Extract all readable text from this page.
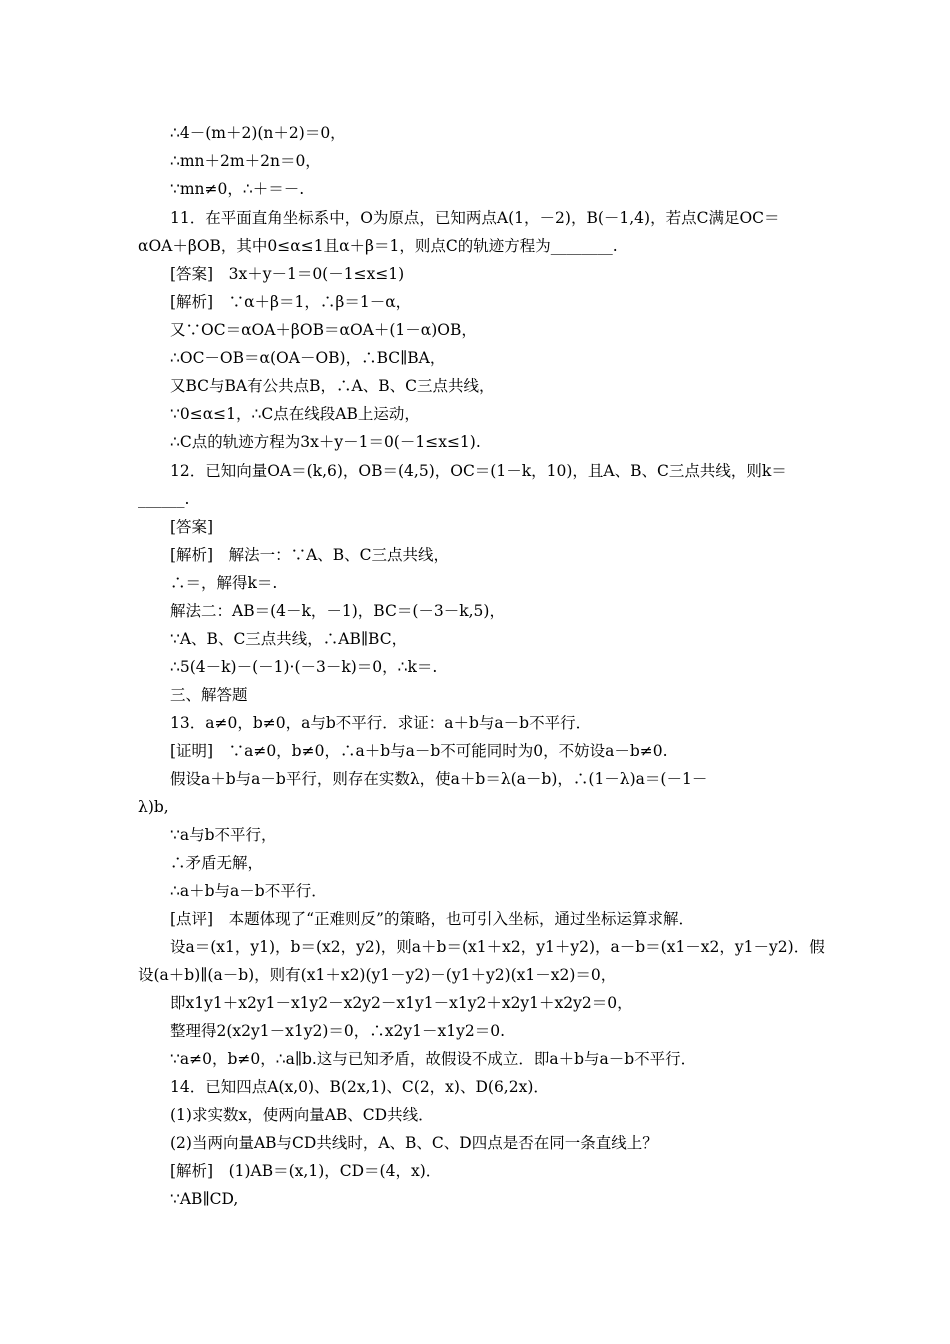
∴4－(m＋2)(n＋2)＝0，
∴mn＋2m＋2n＝0，
∵mn≠0，∴＋＝－.
11．在平面直角坐标系中，O为原点，已知两点A(1，－2)，B(－1,4)，若点C满足OC＝
αOA＋βOB，其中0≤α≤1且α＋β＝1，则点C的轨迹方程为________.
[答案]　3x＋y－1＝0(－1≤x≤1)
[解析]　∵α＋β＝1，∴β＝1－α，
又∵OC＝αOA＋βOB＝αOA＋(1－α)OB，
∴OC－OB＝α(OA－OB)，∴BC∥BA，
又BC与BA有公共点B，∴A、B、C三点共线，
∵0≤α≤1，∴C点在线段AB上运动，
∴C点的轨迹方程为3x＋y－1＝0(－1≤x≤1).
12．已知向量OA＝(k,6)，OB＝(4,5)，OC＝(1－k，10)，且A、B、C三点共线，则k＝
______.
[答案]
[解析]　解法一：∵A、B、C三点共线，
∴＝，解得k＝.
解法二：AB＝(4－k，－1)，BC＝(－3－k,5)，
∵A、B、C三点共线，∴AB∥BC，
∴5(4－k)－(－1)·(－3－k)＝0，∴k＝.
三、解答题
13．a≠0，b≠0，a与b不平行．求证：a＋b与a－b不平行．
[证明]　∵a≠0，b≠0，∴a＋b与a－b不可能同时为0，不妨设a－b≠0.
假设a＋b与a－b平行，则存在实数λ，使a＋b＝λ(a－b)，∴(1－λ)a＝(－1－
λ)b,
∵a与b不平行，
∴矛盾无解，
∴a＋b与a－b不平行．
[点评]　本题体现了“正难则反”的策略，也可引入坐标，通过坐标运算求解．
设a＝(x1，y1)，b＝(x2，y2)，则a＋b＝(x1＋x2，y1＋y2)，a－b＝(x1－x2，y1－y2)．假
设(a＋b)∥(a－b)，则有(x1＋x2)(y1－y2)－(y1＋y2)(x1－x2)＝0，
即x1y1＋x2y1－x1y2－x2y2－x1y1－x1y2＋x2y1＋x2y2＝0，
整理得2(x2y1－x1y2)＝0，∴x2y1－x1y2＝0.
∵a≠0，b≠0，∴a∥b.这与已知矛盾，故假设不成立．即a＋b与a－b不平行．
14．已知四点A(x,0)、B(2x,1)、C(2，x)、D(6,2x)．
(1)求实数x，使两向量AB、CD共线．
(2)当两向量AB与CD共线时，A、B、C、D四点是否在同一条直线上？
[解析]　(1)AB＝(x,1)，CD＝(4，x)．
∵AB∥CD,
